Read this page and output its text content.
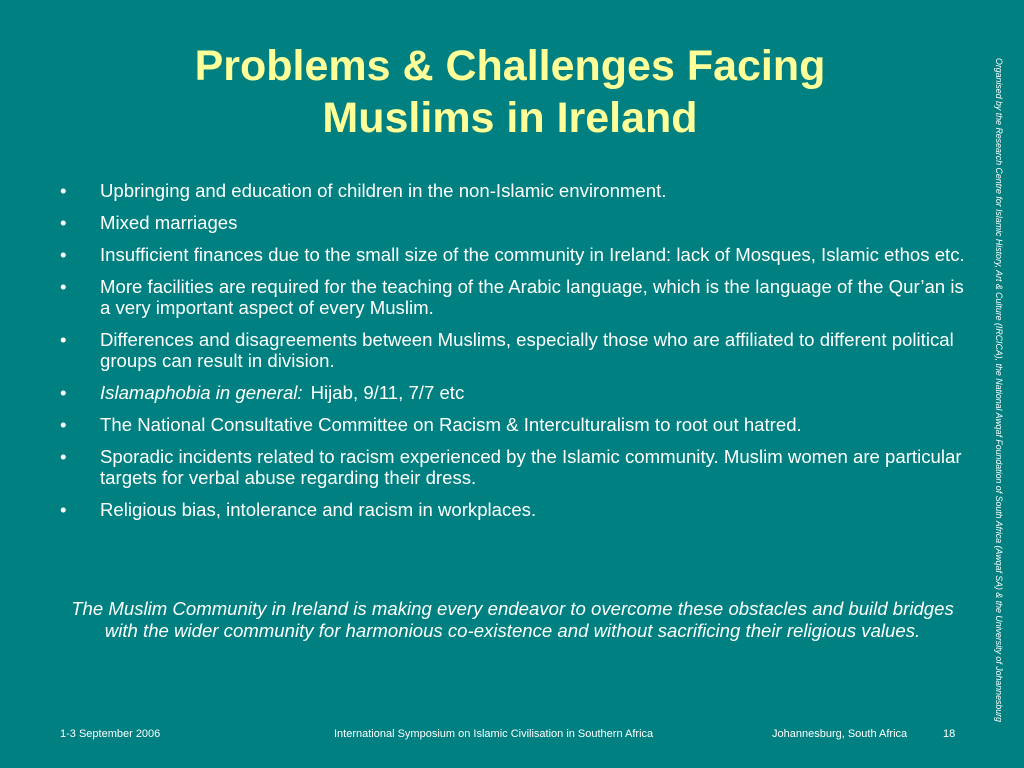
Problems & Challenges Facing
Muslims in Ireland
• Upbringing and education of children in the non-Islamic environment.
• Mixed marriages
• Insufficient finances due to the small size of the community in Ireland: lack of Mosques, Islamic ethos etc.
• More facilities are required for the teaching of the Arabic language, which is the language of the Qur’an is a very important aspect of every Muslim.
• Differences and disagreements between Muslims, especially those who are affiliated to different political groups can result in division.
• Islamaphobia in general: Hijab, 9/11, 7/7 etc
• The National Consultative Committee on Racism & Interculturalism to root out hatred.
• Sporadic incidents related to racism experienced by the Islamic community. Muslim women are particular targets for verbal abuse regarding their dress.
• Religious bias, intolerance and racism in workplaces.

The Muslim Community in Ireland is making every endeavor to overcome these obstacles and build bridges with the wider community for harmonious co-existence and without sacrificing their religious values.	Organised by the Research Centre for Islamic History, Art & Culture (IRCICA), the National Awqaf Foundation of South Africa (Awqaf SA) & the University of Johannesburg
1-3 September 2006	International Symposium on Islamic Civilisation in Southern Africa	Johannesburg, South Africa	18
